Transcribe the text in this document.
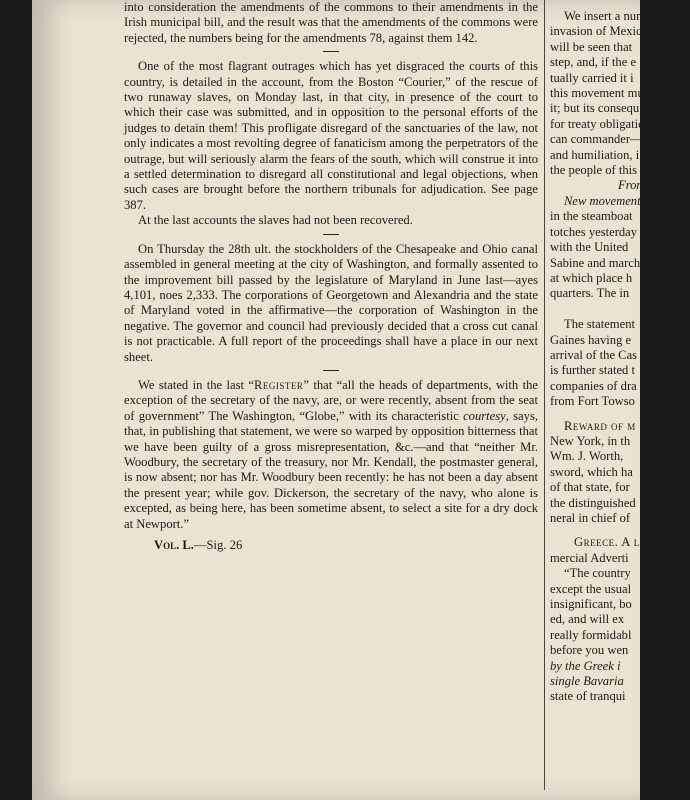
into consideration the amendments of the commons to their amendments in the Irish municipal bill, and the result was that the amendments of the commons were rejected, the numbers being for the amendments 78, against them 142.

One of the most flagrant outrages which has yet disgraced the courts of this country, is detailed in the account, from the Boston “Courier,” of the rescue of two runaway slaves, on Monday last, in that city, in presence of the court to which their case was submitted, and in opposition to the personal efforts of the judges to detain them! This profligate disregard of the sanctuaries of the law, not only indicates a most revolting degree of fanaticism among the perpetrators of the outrage, but will seriously alarm the fears of the south, which will construe it into a settled determination to disregard all constitutional and legal objections, when such cases are brought before the northern tribunals for adjudication. See page 387.

At the last accounts the slaves had not been recovered.

On Thursday the 28th ult. the stockholders of the Chesapeake and Ohio canal assembled in general meeting at the city of Washington, and formally assented to the improvement bill passed by the legislature of Maryland in June last—ayes 4,101, noes 2,333. The corporations of Georgetown and Alexandria and the state of Maryland voted in the affirmative—the corporation of Washington in the negative. The governor and council had previously decided that a cross cut canal is not practicable. A full report of the proceedings shall have a place in our next sheet.

We stated in the last “Register” that “all the heads of departments, with the exception of the secretary of the navy, are, or were recently, absent from the seat of government” The Washington, “Globe,” with its characteristic courtesy, says, that, in publishing that statement, we were so warped by opposition bitterness that we have been guilty of a gross misrepresentation, &c.—and that “neither Mr. Woodbury, the secretary of the treasury, nor Mr. Kendall, the postmaster general, is now absent; nor has Mr. Woodbury been recently: he has not been a day absent the present year; while gov. Dickerson, the secretary of the navy, who alone is excepted, as being here, has been sometime absent, to select a site for a dry dock at Newport.”

Vol. L.—Sig. 26
We insert a num
invasion of Mexic
will be seen that
step, and, if the e
tually carried it i
this movement mu
it; but its consequ
for treaty obligatic
can commander—
and humiliation, i
the people of this
From th
New movement.
in the steamboat
totches yesterday
with the United
Sabine and march
at which place h
quarters. The in
F
The statement
Gaines having e
arrival of the Cas
is further stated t
companies of dra
from Fort Towso
Reward of m
New York, in th
Wm. J. Worth,
sword, which ha
of that state, for
the distinguished
neral in chief of
Greece. A l
mercial Adverti
“The country
except the usual
insignificant, bo
ed, and will ex
really formidabl
before you wen
by the Greek i
single Bavaria
state of tranqui
